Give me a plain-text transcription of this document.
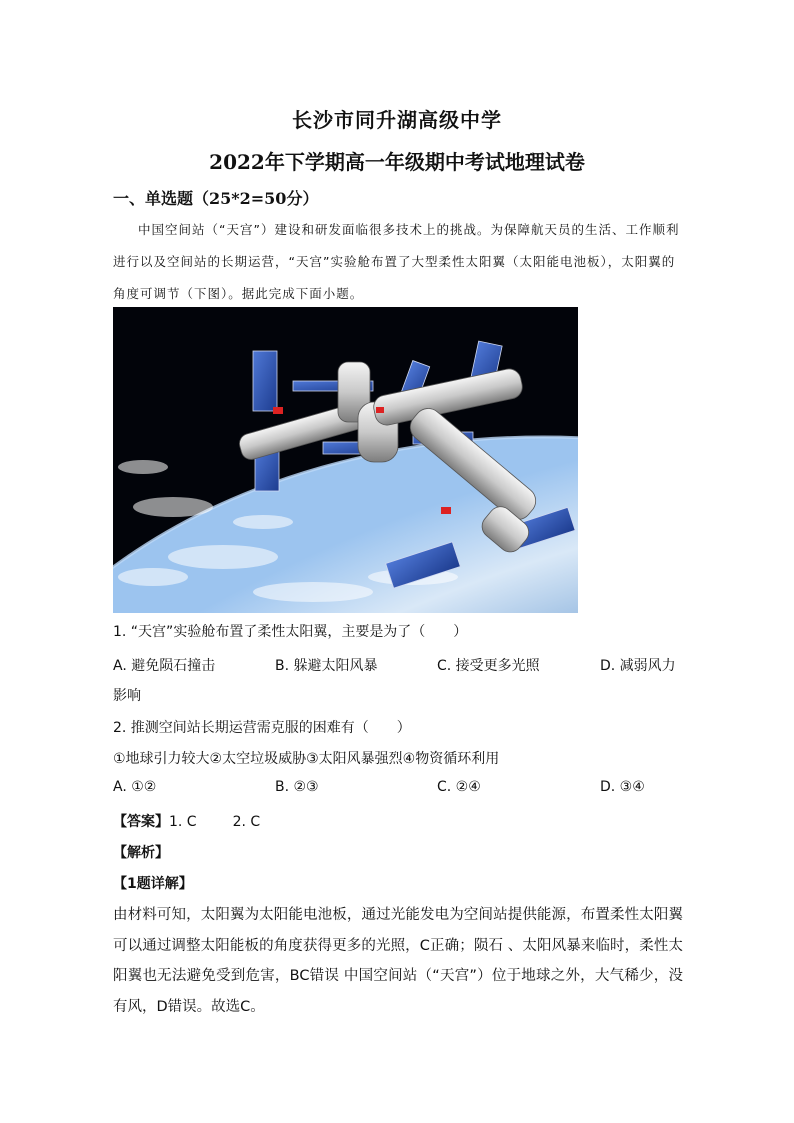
长沙市同升湖高级中学
2022年下学期高一年级期中考试地理试卷
一、单选题（25*2=50分）
中国空间站（“天宫”）建设和研发面临很多技术上的挑战。为保障航天员的生活、工作顺利进行以及空间站的长期运营，“天宫”实验舱布置了大型柔性太阳翼（太阳能电池板），太阳翼的角度可调节（下图）。据此完成下面小题。
1. “天宫”实验舱布置了柔性太阳翼，主要是为了（　　）
A. 避免陨石撞击	B. 躲避太阳风暴	C. 接受更多光照	D. 减弱风力
影响
2. 推测空间站长期运营需克服的困难有（　　）
①地球引力较大②太空垃圾威胁③太阳风暴强烈④物资循环利用
A. ①②	B. ②③	C. ②④	D. ③④
【答案】1. C	2. C
【解析】
【1题详解】
由材料可知，太阳翼为太阳能电池板，通过光能发电为空间站提供能源，布置柔性太阳翼可以通过调整太阳能板的角度获得更多的光照，C正确；陨石 、太阳风暴来临时，柔性太阳翼也无法避免受到危害，BC错误 中国空间站（“天宫”）位于地球之外，大气稀少，没有风，D错误。故选C。
